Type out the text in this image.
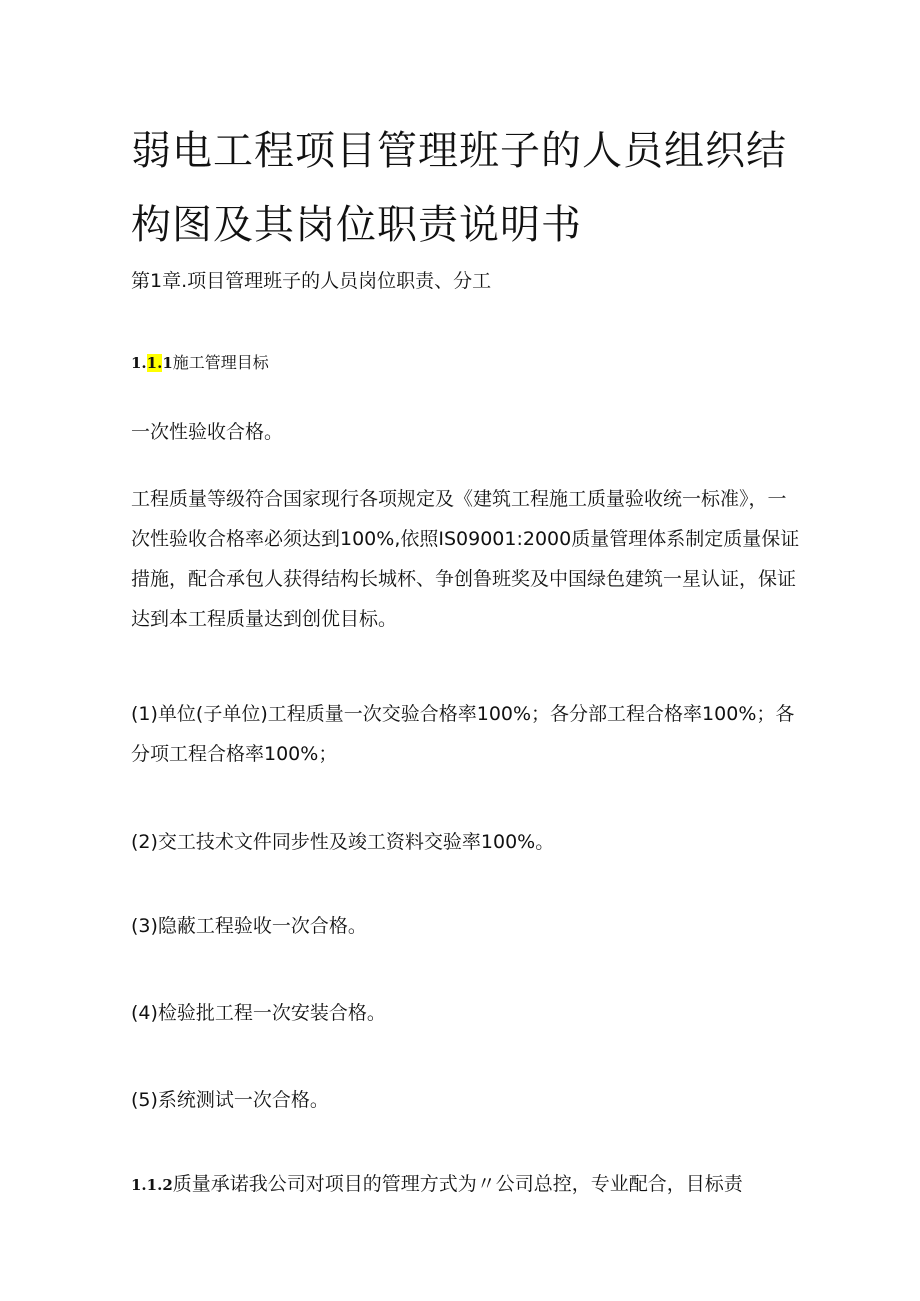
弱电工程项目管理班子的人员组织结构图及其岗位职责说明书
第1章.项目管理班子的人员岗位职责、分工
1.1.1施工管理目标

一次性验收合格。

工程质量等级符合国家现行各项规定及《建筑工程施工质量验收统一标准》，一次性验收合格率必须达到100%,依照IS09001:2000质量管理体系制定质量保证措施，配合承包人获得结构长城杯、争创鲁班奖及中国绿色建筑一星认证，保证达到本工程质量达到创优目标。

(1)单位(子单位)工程质量一次交验合格率100%；各分部工程合格率100%；各分项工程合格率100%；

(2)交工技术文件同步性及竣工资料交验率100%。

(3)隐蔽工程验收一次合格。

(4)检验批工程一次安装合格。

(5)系统测试一次合格。

1.1.2质量承诺我公司对项目的管理方式为〃公司总控，专业配合，目标责
